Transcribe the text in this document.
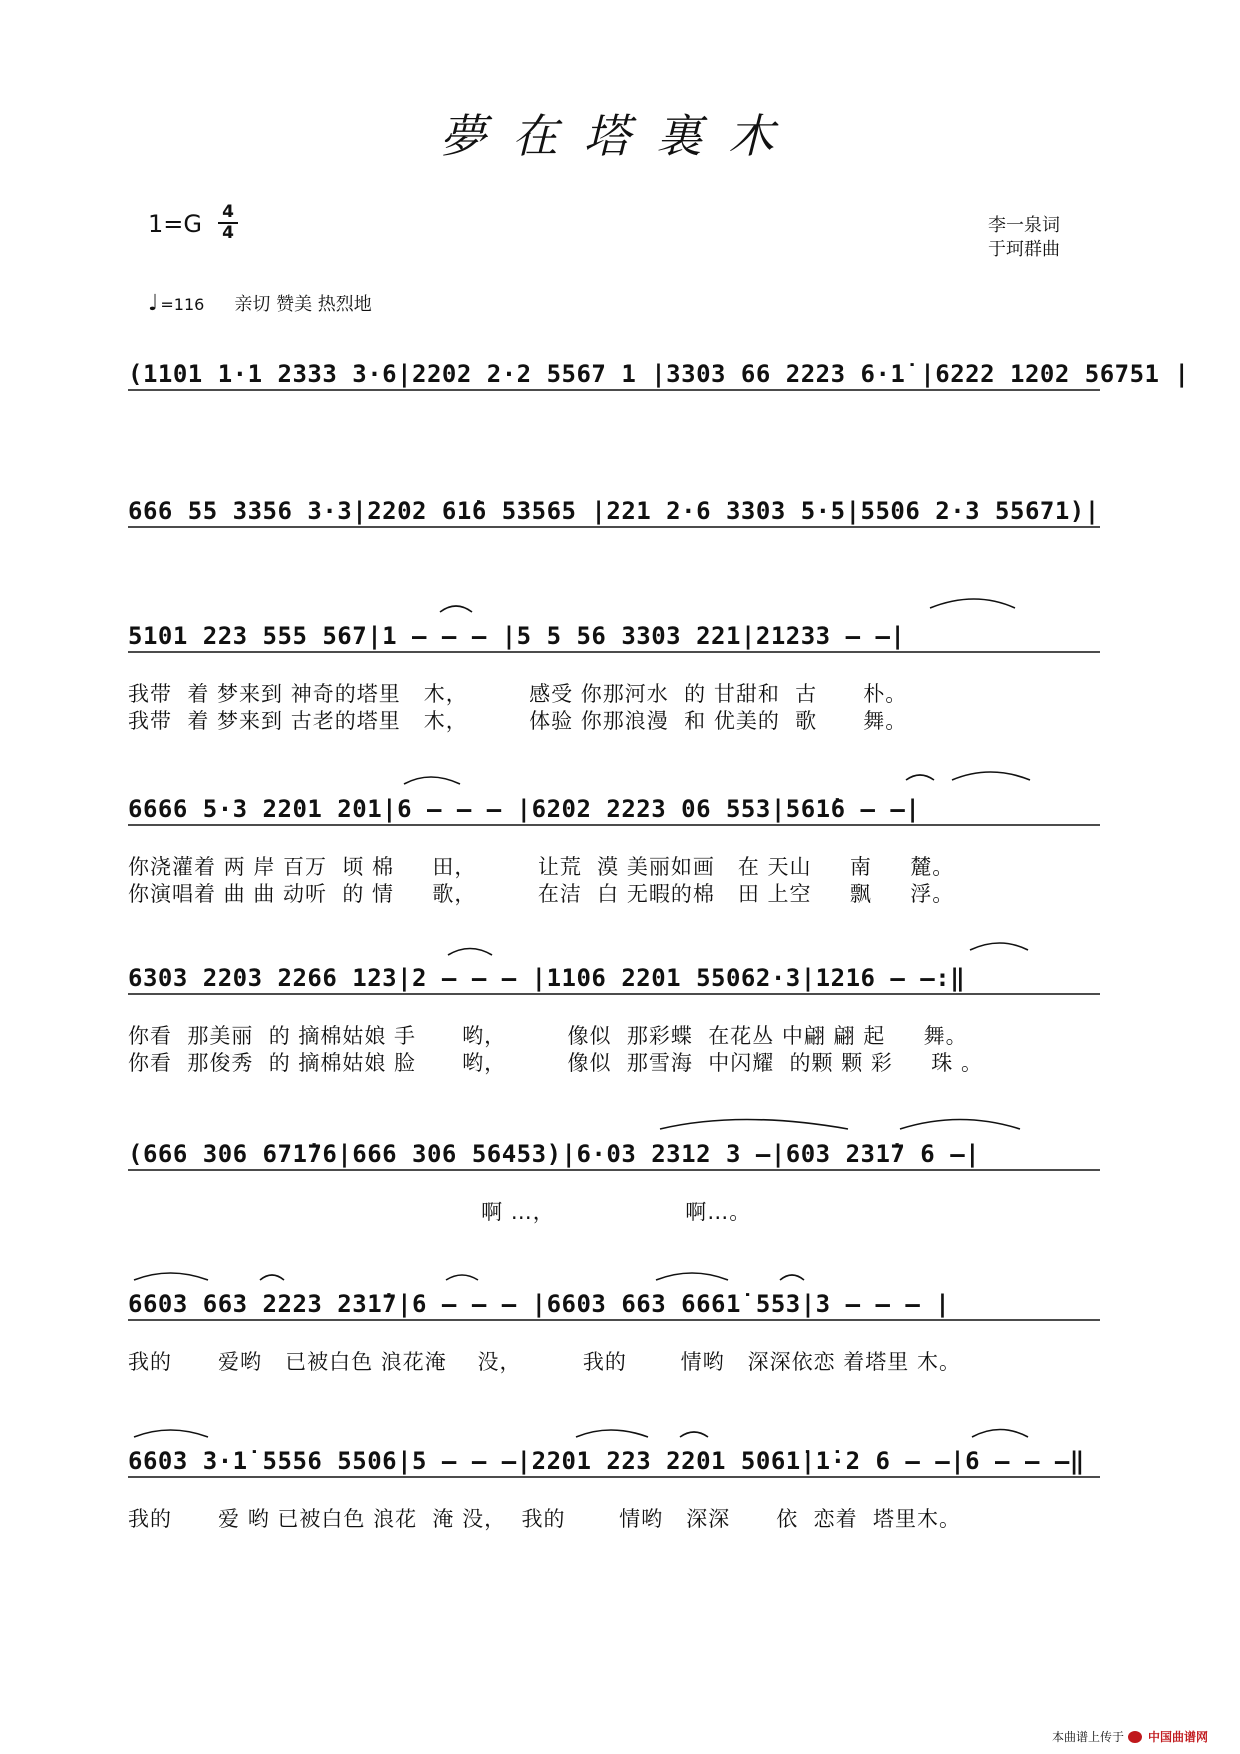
夢在塔裏木
1=G 4
4	李一泉词
于珂群曲
♩ =116 亲切 赞美 热烈地
(1101 1·1 2333 3·6|2202 2·2 5567 1 |3303 66 2223 6·1̇ |6222 1202 56751 |
666 55 3356 3·3|2202 61̇6 53565 |221 2·6 3303 5·5|5506 2·3 55671)|
5101 223 555 567|1 – – – |5 5 56 3303 221|21233 – –|
我带  着 梦来到 神奇的塔里   木，        感受 你那河水  的 甘甜和  古      朴。
我带  着 梦来到 古老的塔里   木，        体验 你那浪漫  和 优美的  歌      舞。
6666 5·3 2201 201|6 – – – |6202 2223 06 553|561̇6 – –|
你浇灌着 两 岸 百万  顷 棉     田，        让荒  漠 美丽如画   在 天山     南     麓。
你演唱着 曲 曲 动听  的 情     歌，        在洁  白 无暇的棉   田 上空     飘     浮。
6303 2203 2266 123|2 – – – |1106 2201 55062·3|1216 – –:‖
你看  那美丽  的 摘棉姑娘 手      哟，        像似  那彩蝶  在花丛 中翩 翩 起     舞。
你看  那俊秀  的 摘棉姑娘 脸      哟，        像似  那雪海  中闪耀  的颗 颗 彩     珠 。
(666 306 671̇76|666 306 56453)|6·03 2312 3 –|603 231̇7 6 –|
啊 …，                 啊…。
6603 663 2223 231̇7|6 – – – |6603 663 6661̇ 553|3 – – – |
我的      爱哟   已被白色 浪花淹    没，        我的       情哟   深深依恋 着塔里 木。
6603 3·1̇ 5556 5506|5 – – –|2201 223 2201 5061̇|1̇·2 6 – –|6 – – –‖
我的      爱 哟 已被白色 浪花  淹 没，  我的       情哟   深深      依  恋着  塔里木。
本曲谱上传于 中国曲谱网
